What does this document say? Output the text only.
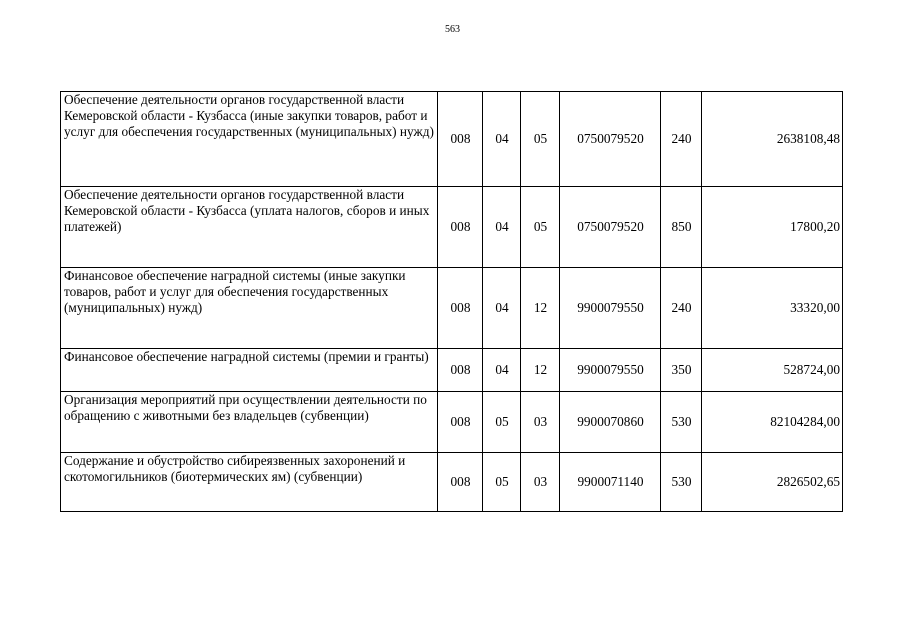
563
Обеспечение деятельности органов государственной власти Кемеровской области - Кузбасса (иные закупки товаров, работ и услуг для обеспечения государственных (муниципальных) нужд)	008	04	05	0750079520	240	2638108,48
Обеспечение деятельности органов государственной власти Кемеровской области - Кузбасса (уплата налогов, сборов и иных платежей)	008	04	05	0750079520	850	17800,20
Финансовое обеспечение наградной системы (иные закупки товаров, работ и услуг для обеспечения государственных (муниципальных) нужд)	008	04	12	9900079550	240	33320,00
Финансовое обеспечение наградной системы (премии и гранты)	008	04	12	9900079550	350	528724,00
Организация мероприятий при осуществлении деятельности по обращению с животными без владельцев (субвенции)	008	05	03	9900070860	530	82104284,00
Содержание и обустройство сибиреязвенных захоронений и скотомогильников (биотермических ям) (субвенции)	008	05	03	9900071140	530	2826502,65
